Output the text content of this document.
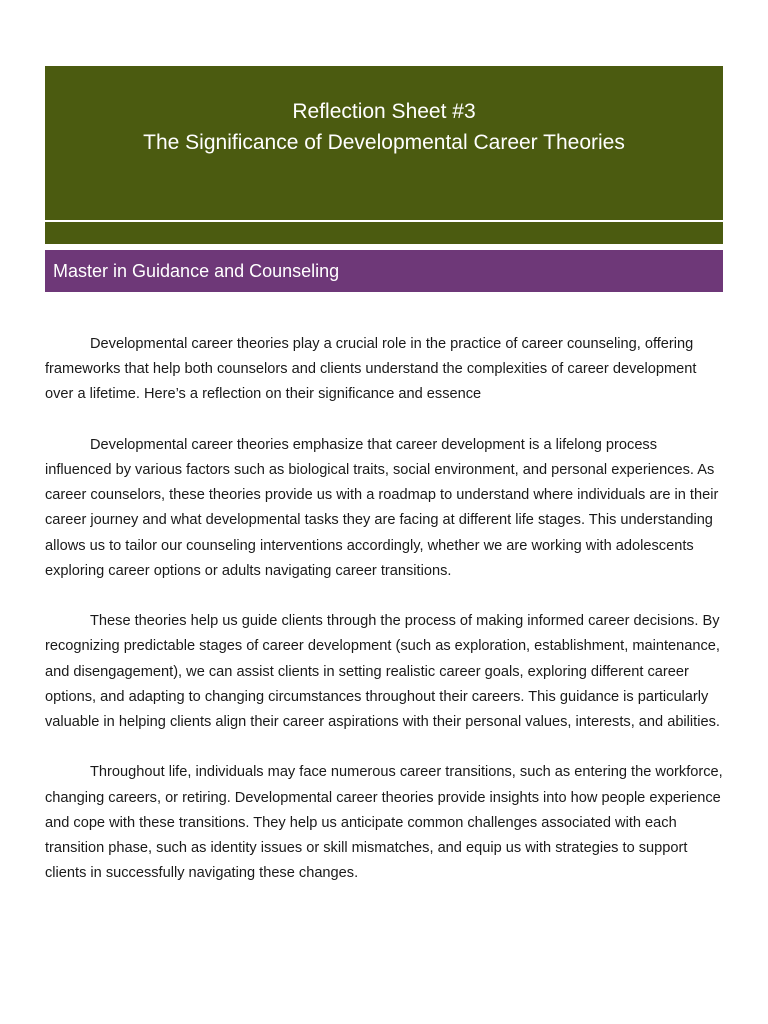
Reflection Sheet #3
The Significance of Developmental Career Theories
Master in Guidance and Counseling

Developmental career theories play a crucial role in the practice of career counseling, offering frameworks that help both counselors and clients understand the complexities of career development over a lifetime. Here’s a reflection on their significance and essence

Developmental career theories emphasize that career development is a lifelong process influenced by various factors such as biological traits, social environment, and personal experiences. As career counselors, these theories provide us with a roadmap to understand where individuals are in their career journey and what developmental tasks they are facing at different life stages. This understanding allows us to tailor our counseling interventions accordingly, whether we are working with adolescents exploring career options or adults navigating career transitions.

These theories help us guide clients through the process of making informed career decisions. By recognizing predictable stages of career development (such as exploration, establishment, maintenance, and disengagement), we can assist clients in setting realistic career goals, exploring different career options, and adapting to changing circumstances throughout their careers. This guidance is particularly valuable in helping clients align their career aspirations with their personal values, interests, and abilities.

Throughout life, individuals may face numerous career transitions, such as entering the workforce, changing careers, or retiring. Developmental career theories provide insights into how people experience and cope with these transitions. They help us anticipate common challenges associated with each transition phase, such as identity issues or skill mismatches, and equip us with strategies to support clients in successfully navigating these changes.
